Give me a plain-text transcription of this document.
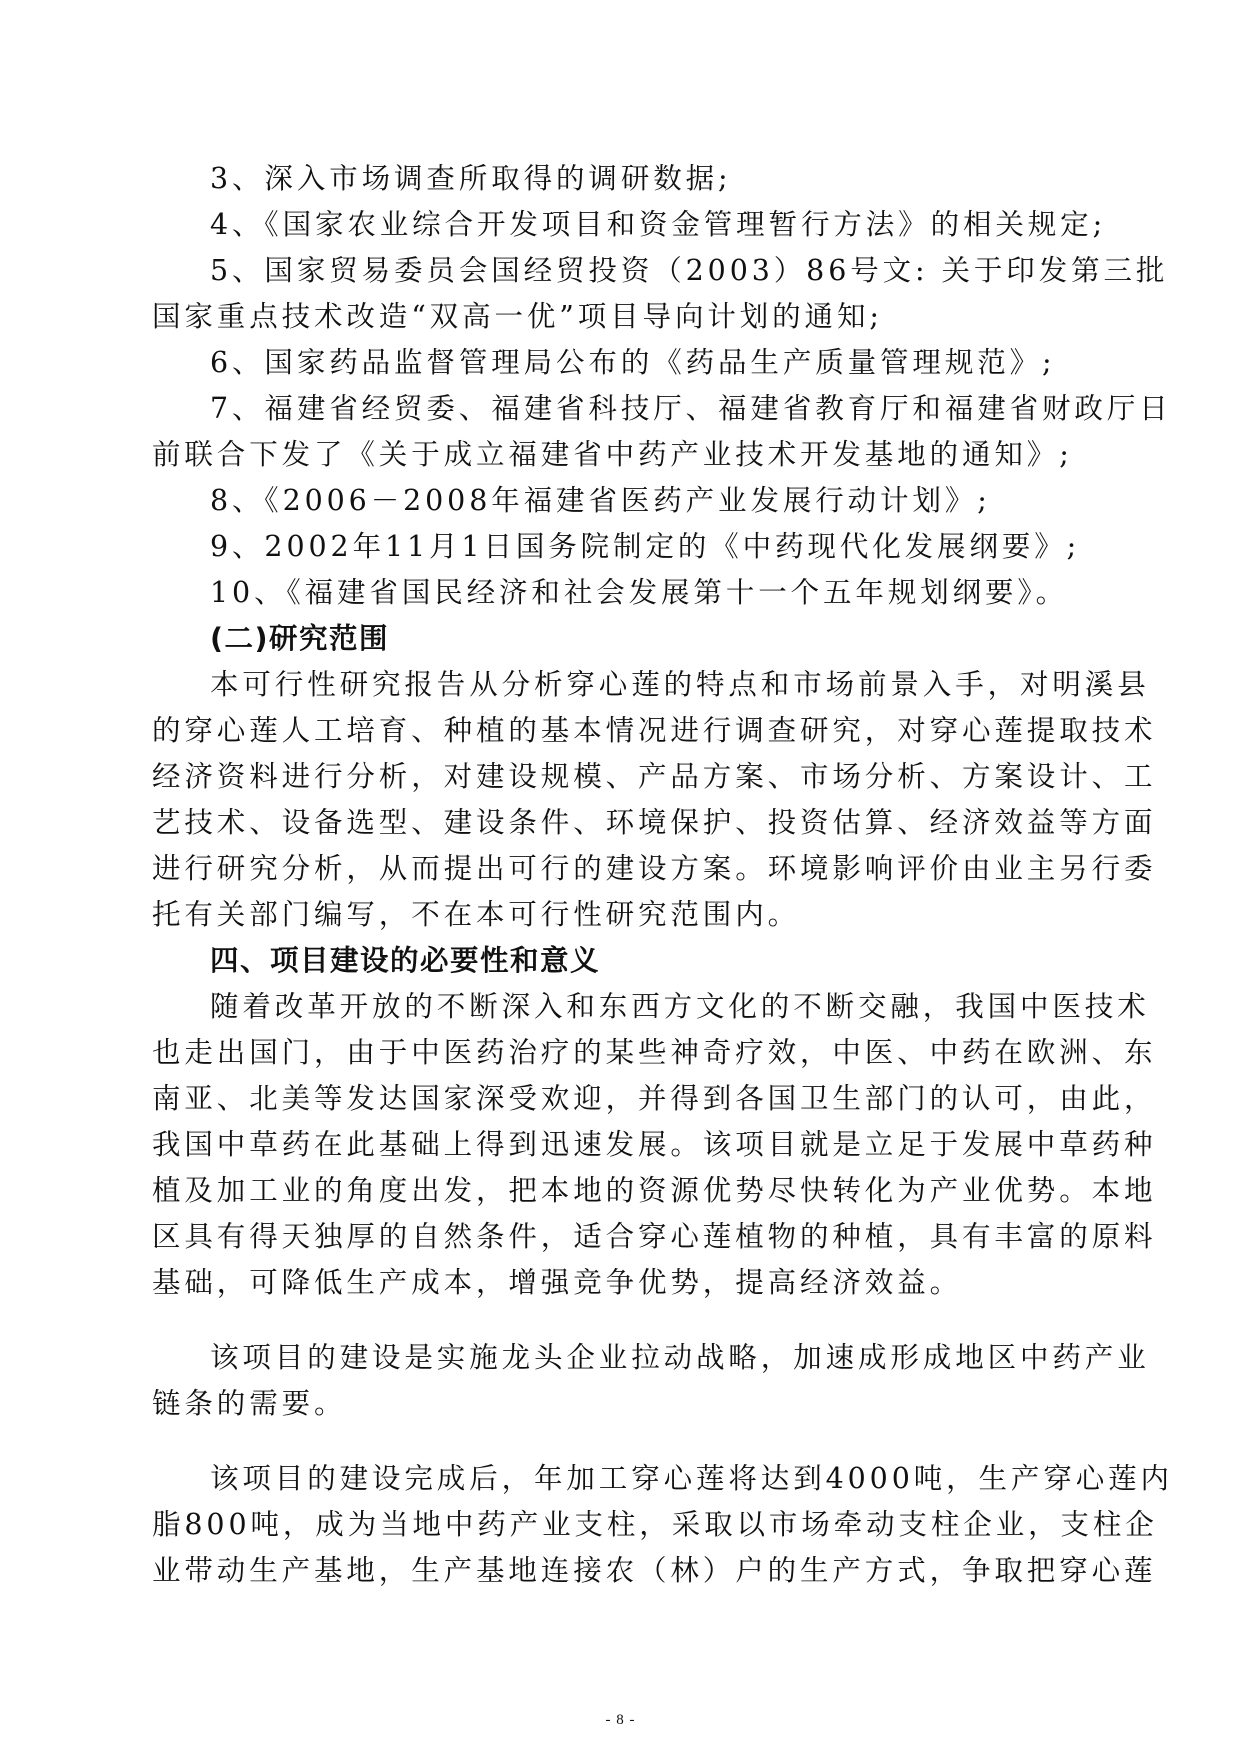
3、深入市场调查所取得的调研数据;
4、《国家农业综合开发项目和资金管理暂行方法》的相关规定;
5、国家贸易委员会国经贸投资（2003）86号文: 关于印发第三批
国家重点技术改造“双高一优”项目导向计划的通知;
6、国家药品监督管理局公布的《药品生产质量管理规范》;
7、福建省经贸委、福建省科技厅、福建省教育厅和福建省财政厅日
前联合下发了《关于成立福建省中药产业技术开发基地的通知》;
8、《2006－2008年福建省医药产业发展行动计划》;
9、2002年11月1日国务院制定的《中药现代化发展纲要》;
10、《福建省国民经济和社会发展第十一个五年规划纲要》。
(二)研究范围
本可行性研究报告从分析穿心莲的特点和市场前景入手，对明溪县
的穿心莲人工培育、种植的基本情况进行调查研究，对穿心莲提取技术
经济资料进行分析，对建设规模、产品方案、市场分析、方案设计、工
艺技术、设备选型、建设条件、环境保护、投资估算、经济效益等方面
进行研究分析，从而提出可行的建设方案。环境影响评价由业主另行委
托有关部门编写，不在本可行性研究范围内。
四、项目建设的必要性和意义
随着改革开放的不断深入和东西方文化的不断交融，我国中医技术
也走出国门，由于中医药治疗的某些神奇疗效，中医、中药在欧洲、东
南亚、北美等发达国家深受欢迎，并得到各国卫生部门的认可，由此，
我国中草药在此基础上得到迅速发展。该项目就是立足于发展中草药种
植及加工业的角度出发，把本地的资源优势尽快转化为产业优势。本地
区具有得天独厚的自然条件，适合穿心莲植物的种植，具有丰富的原料
基础，可降低生产成本，增强竞争优势，提高经济效益。
该项目的建设是实施龙头企业拉动战略，加速成形成地区中药产业
链条的需要。
该项目的建设完成后，年加工穿心莲将达到4000吨，生产穿心莲内
脂800吨，成为当地中药产业支柱，采取以市场牵动支柱企业，支柱企
业带动生产基地，生产基地连接农（林）户的生产方式，争取把穿心莲
- 8 -
